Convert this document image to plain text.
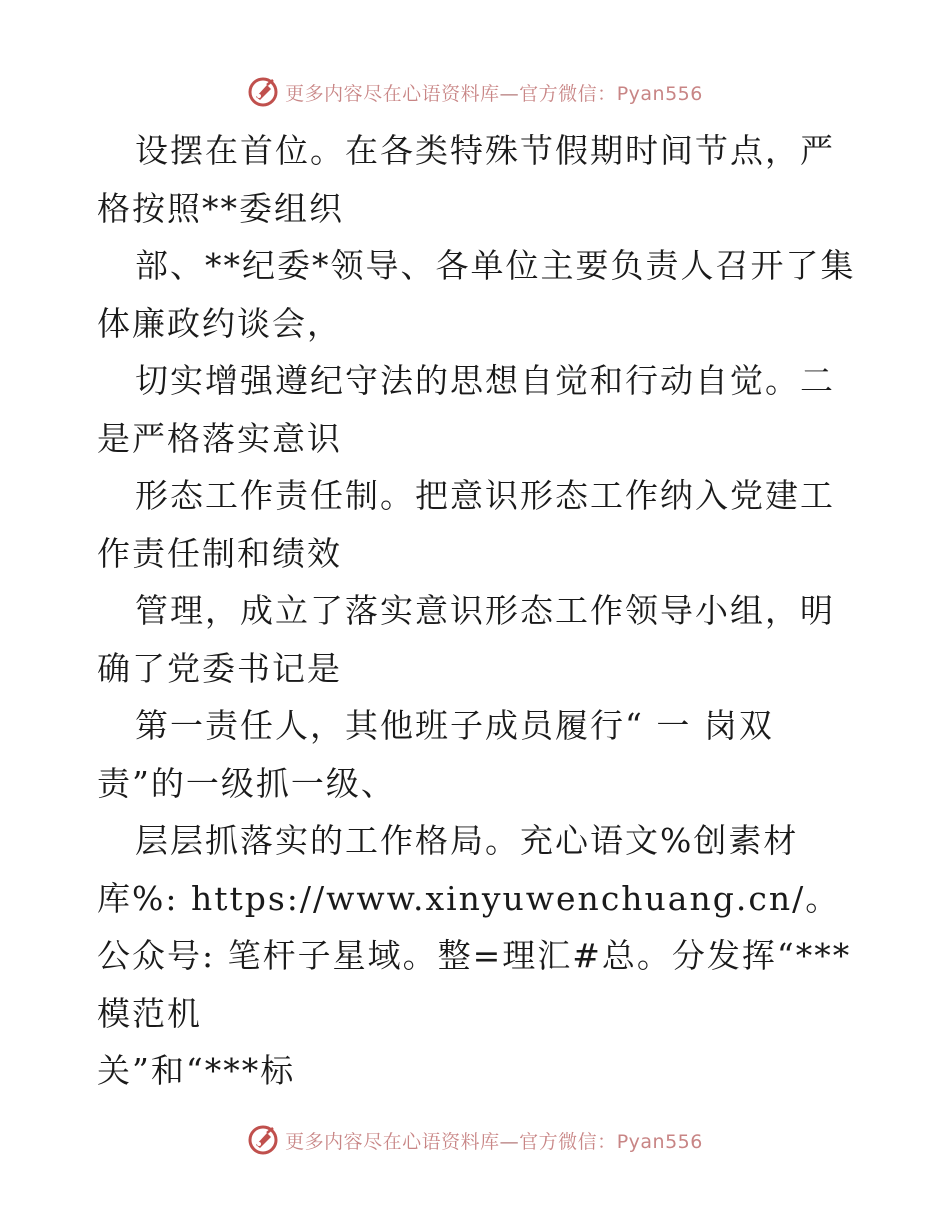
更多内容尽在心语资料库—官方微信：Pyan556

设摆在首位。在各类特殊节假期时间节点，严格按照**委组织

部、**纪委*领导、各单位主要负责人召开了集体廉政约谈会，

切实增强遵纪守法的思想自觉和行动自觉。二是严格落实意识

形态工作责任制。把意识形态工作纳入党建工作责任制和绩效

管理，成立了落实意识形态工作领导小组，明确了党委书记是

第一责任人，其他班子成员履行“ 一 岗双

责”的一级抓一级、

层层抓落实的工作格局。充心语文%创素材库%: https://www.xinyuwenchuang.cn/。公众号: 笔杆子星域。整=理汇#总。分发挥“***模范机

关”和“***标

更多内容尽在心语资料库—官方微信：Pyan556
